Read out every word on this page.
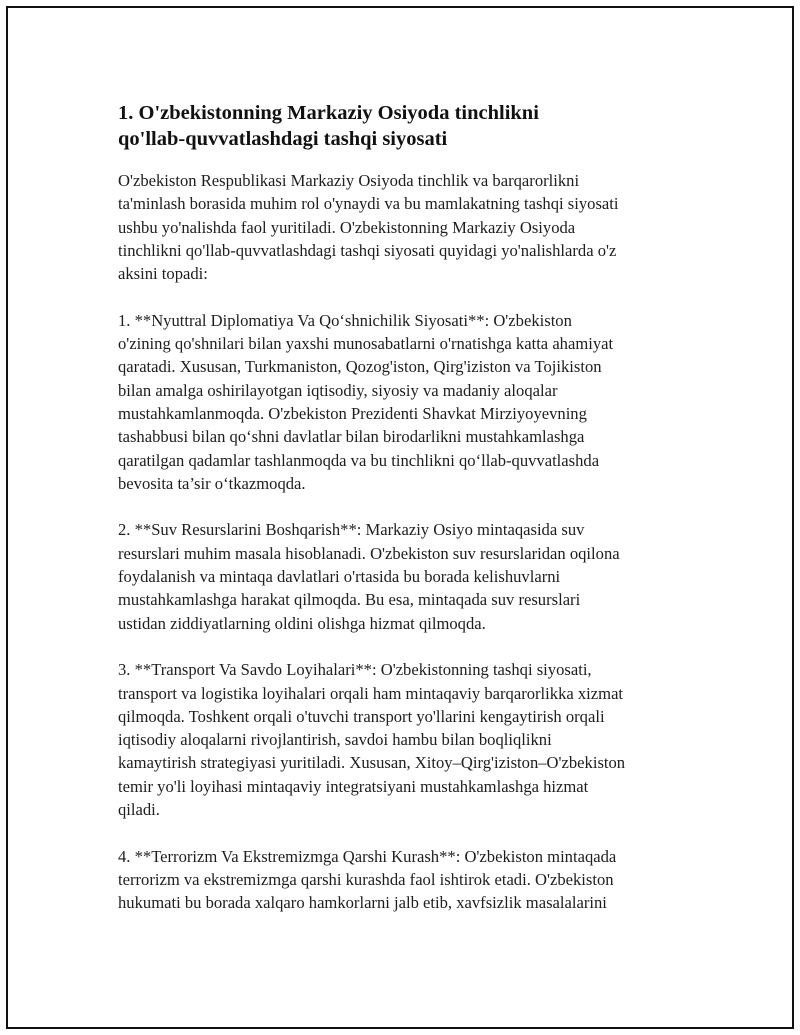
1. O'zbekistonning Markaziy Osiyoda tinchlikni
qo'llab-quvvatlashdagi tashqi siyosati

O'zbekiston Respublikasi Markaziy Osiyoda tinchlik va barqarorlikni
ta'minlash borasida muhim rol o'ynaydi va bu mamlakatning tashqi siyosati
ushbu yo'nalishda faol yuritiladi. O'zbekistonning Markaziy Osiyoda
tinchlikni qo'llab-quvvatlashdagi tashqi siyosati quyidagi yo'nalishlarda o'z
aksini topadi:

1. **Nyuttral Diplomatiya Va Qo‘shnichilik Siyosati**: O'zbekiston
o'zining qo'shnilari bilan yaxshi munosabatlarni o'rnatishga katta ahamiyat
qaratadi. Xususan, Turkmaniston, Qozog'iston, Qirg'iziston va Tojikiston
bilan amalga oshirilayotgan iqtisodiy, siyosiy va madaniy aloqalar
mustahkamlanmoqda. O'zbekiston Prezidenti Shavkat Mirziyoyevning
tashabbusi bilan qo‘shni davlatlar bilan birodarlikni mustahkamlashga
qaratilgan qadamlar tashlanmoqda va bu tinchlikni qo‘llab-quvvatlashda
bevosita ta’sir o‘tkazmoqda.

2. **Suv Resurslarini Boshqarish**: Markaziy Osiyo mintaqasida suv
resurslari muhim masala hisoblanadi. O'zbekiston suv resurslaridan oqilona
foydalanish va mintaqa davlatlari o'rtasida bu borada kelishuvlarni
mustahkamlashga harakat qilmoqda. Bu esa, mintaqada suv resurslari
ustidan ziddiyatlarning oldini olishga hizmat qilmoqda.

3. **Transport Va Savdo Loyihalari**: O'zbekistonning tashqi siyosati,
transport va logistika loyihalari orqali ham mintaqaviy barqarorlikka xizmat
qilmoqda. Toshkent orqali o'tuvchi transport yo'llarini kengaytirish orqali
iqtisodiy aloqalarni rivojlantirish, savdoi hambu bilan boqliqlikni
kamaytirish strategiyasi yuritiladi. Xususan, Xitoy–Qirg'iziston–O'zbekiston
temir yo'li loyihasi mintaqaviy integratsiyani mustahkamlashga hizmat
qiladi.

4. **Terrorizm Va Ekstremizmga Qarshi Kurash**: O'zbekiston mintaqada
terrorizm va ekstremizmga qarshi kurashda faol ishtirok etadi. O'zbekiston
hukumati bu borada xalqaro hamkorlarni jalb etib, xavfsizlik masalalarini
